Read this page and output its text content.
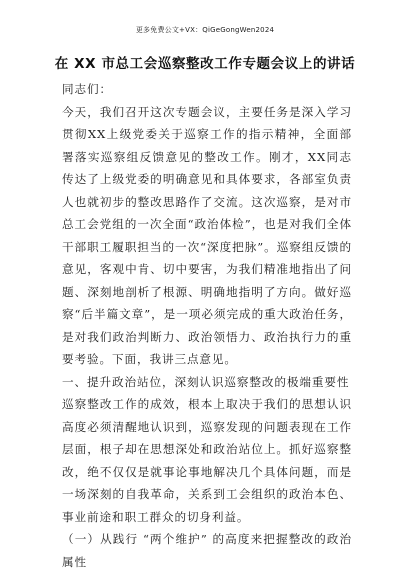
更多免费公文+VX：QiGeGongWen2024
在 XX 市总工会巡察整改工作专题会议上的讲话

同志们：

今天，我们召开这次专题会议，主要任务是深入学习贯彻XX上级党委关于巡察工作的指示精神，全面部署落实巡察组反馈意见的整改工作。刚才，XX同志传达了上级党委的明确意见和具体要求，各部室负责人也就初步的整改思路作了交流。这次巡察，是对市总工会党组的一次全面“政治体检”，也是对我们全体干部职工履职担当的一次“深度把脉”。巡察组反馈的意见，客观中肯、切中要害，为我们精准地指出了问题、深刻地剖析了根源、明确地指明了方向。做好巡察“后半篇文章”，是一项必须完成的重大政治任务，是对我们政治判断力、政治领悟力、政治执行力的重要考验。下面，我讲三点意见。

一、提升政治站位，深刻认识巡察整改的极端重要性

巡察整改工作的成效，根本上取决于我们的思想认识高度必须清醒地认识到，巡察发现的问题表现在工作层面，根子却在思想深处和政治站位上。抓好巡察整改，绝不仅仅是就事论事地解决几个具体问题，而是一场深刻的自我革命，关系到工会组织的政治本色、事业前途和职工群众的切身利益。

（一）从践行 “两个维护” 的高度来把握整改的政治属性
